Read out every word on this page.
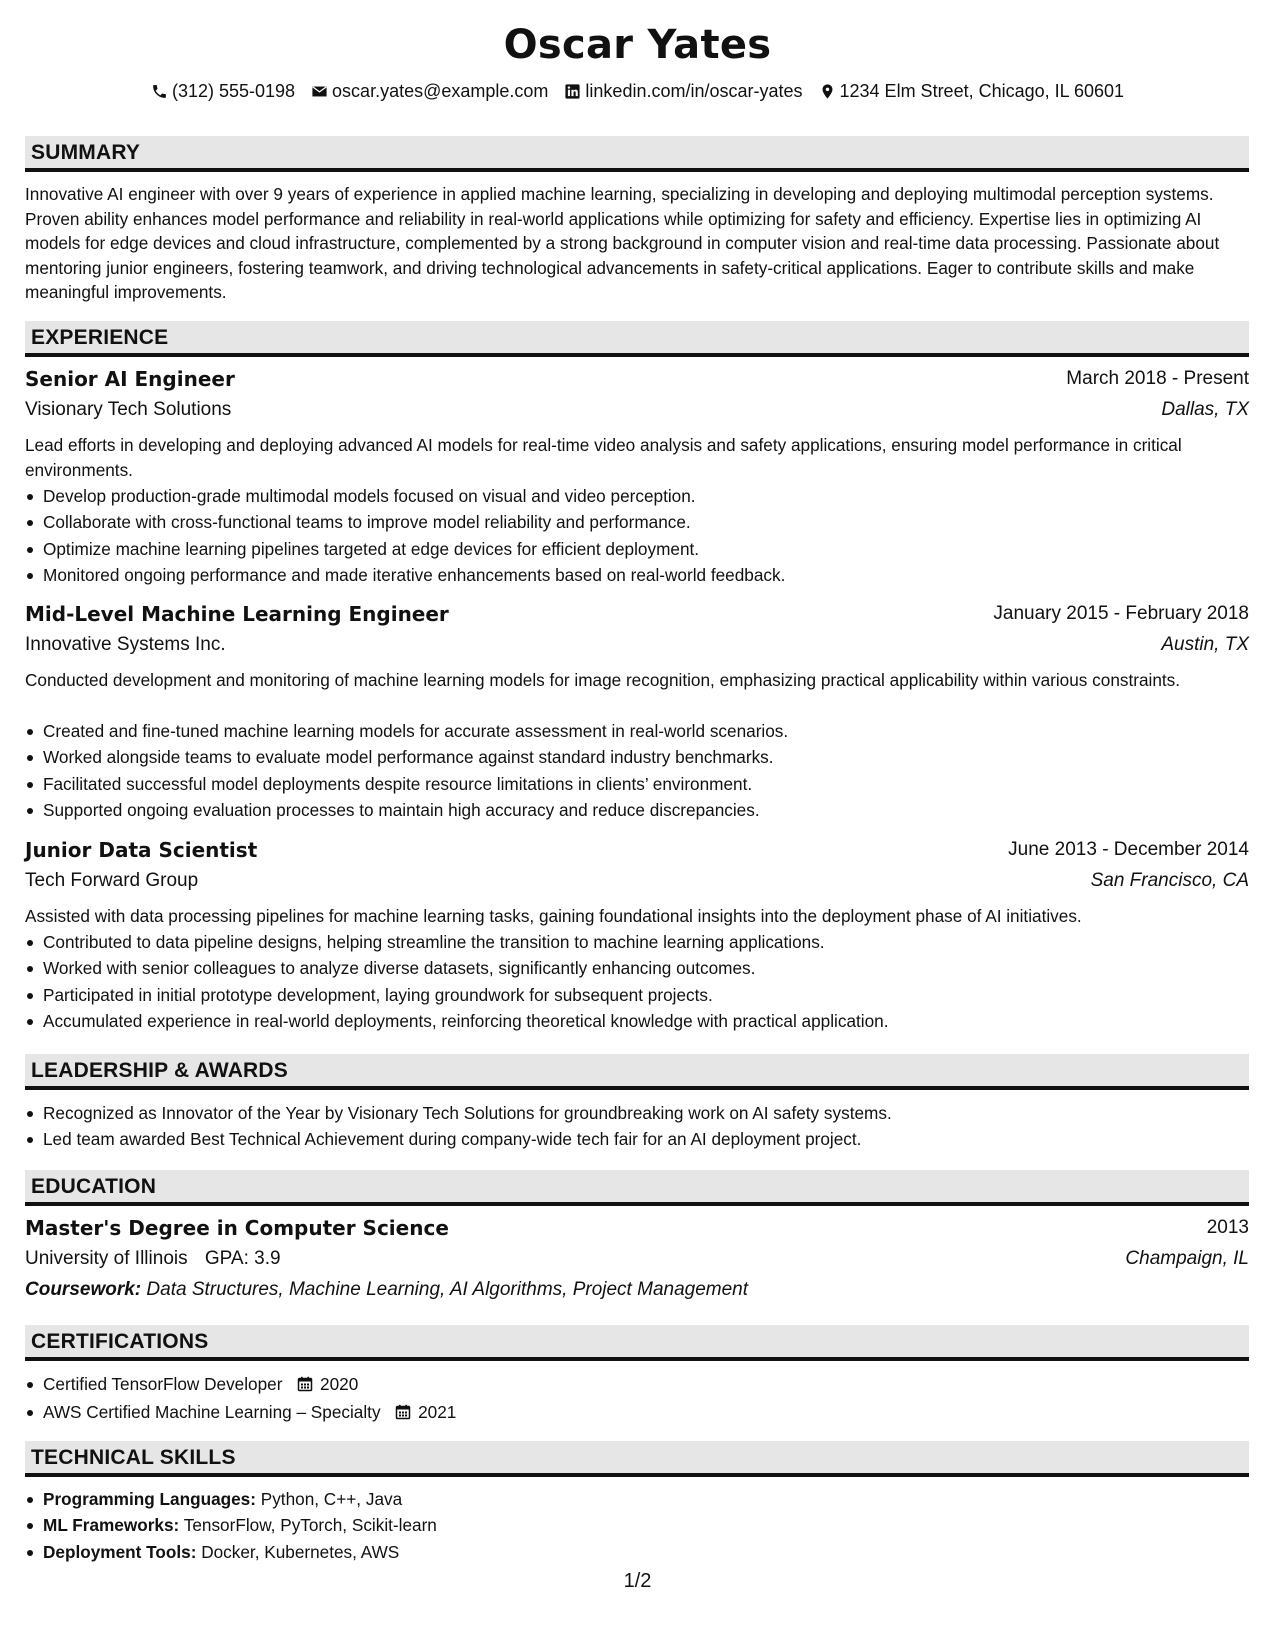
Oscar Yates
(312) 555-0198 oscar.yates@example.com linkedin.com/in/oscar-yates 1234 Elm Street, Chicago, IL 60601
SUMMARY
Innovative AI engineer with over 9 years of experience in applied machine learning, specializing in developing and deploying multimodal perception systems. Proven ability enhances model performance and reliability in real-world applications while optimizing for safety and efficiency. Expertise lies in optimizing AI models for edge devices and cloud infrastructure, complemented by a strong background in computer vision and real-time data processing. Passionate about mentoring junior engineers, fostering teamwork, and driving technological advancements in safety-critical applications. Eager to contribute skills and make meaningful improvements.
EXPERIENCE
Senior AI Engineer	March 2018 - Present
Visionary Tech Solutions	Dallas, TX
Lead efforts in developing and deploying advanced AI models for real-time video analysis and safety applications, ensuring model performance in critical environments.
Develop production-grade multimodal models focused on visual and video perception.
Collaborate with cross-functional teams to improve model reliability and performance.
Optimize machine learning pipelines targeted at edge devices for efficient deployment.
Monitored ongoing performance and made iterative enhancements based on real-world feedback.
Mid-Level Machine Learning Engineer	January 2015 - February 2018
Innovative Systems Inc.	Austin, TX
Conducted development and monitoring of machine learning models for image recognition, emphasizing practical applicability within various constraints.
Created and fine-tuned machine learning models for accurate assessment in real-world scenarios.
Worked alongside teams to evaluate model performance against standard industry benchmarks.
Facilitated successful model deployments despite resource limitations in clients’ environment.
Supported ongoing evaluation processes to maintain high accuracy and reduce discrepancies.
Junior Data Scientist	June 2013 - December 2014
Tech Forward Group	San Francisco, CA
Assisted with data processing pipelines for machine learning tasks, gaining foundational insights into the deployment phase of AI initiatives.
Contributed to data pipeline designs, helping streamline the transition to machine learning applications.
Worked with senior colleagues to analyze diverse datasets, significantly enhancing outcomes.
Participated in initial prototype development, laying groundwork for subsequent projects.
Accumulated experience in real-world deployments, reinforcing theoretical knowledge with practical application.
LEADERSHIP & AWARDS
Recognized as Innovator of the Year by Visionary Tech Solutions for groundbreaking work on AI safety systems.
Led team awarded Best Technical Achievement during company-wide tech fair for an AI deployment project.
EDUCATION
Master's Degree in Computer Science	2013
University of Illinois GPA: 3.9	Champaign, IL
Coursework: Data Structures, Machine Learning, AI Algorithms, Project Management
CERTIFICATIONS
Certified TensorFlow Developer 2020
AWS Certified Machine Learning – Specialty 2021
TECHNICAL SKILLS
Programming Languages: Python, C++, Java
ML Frameworks: TensorFlow, PyTorch, Scikit-learn
Deployment Tools: Docker, Kubernetes, AWS
1/2
